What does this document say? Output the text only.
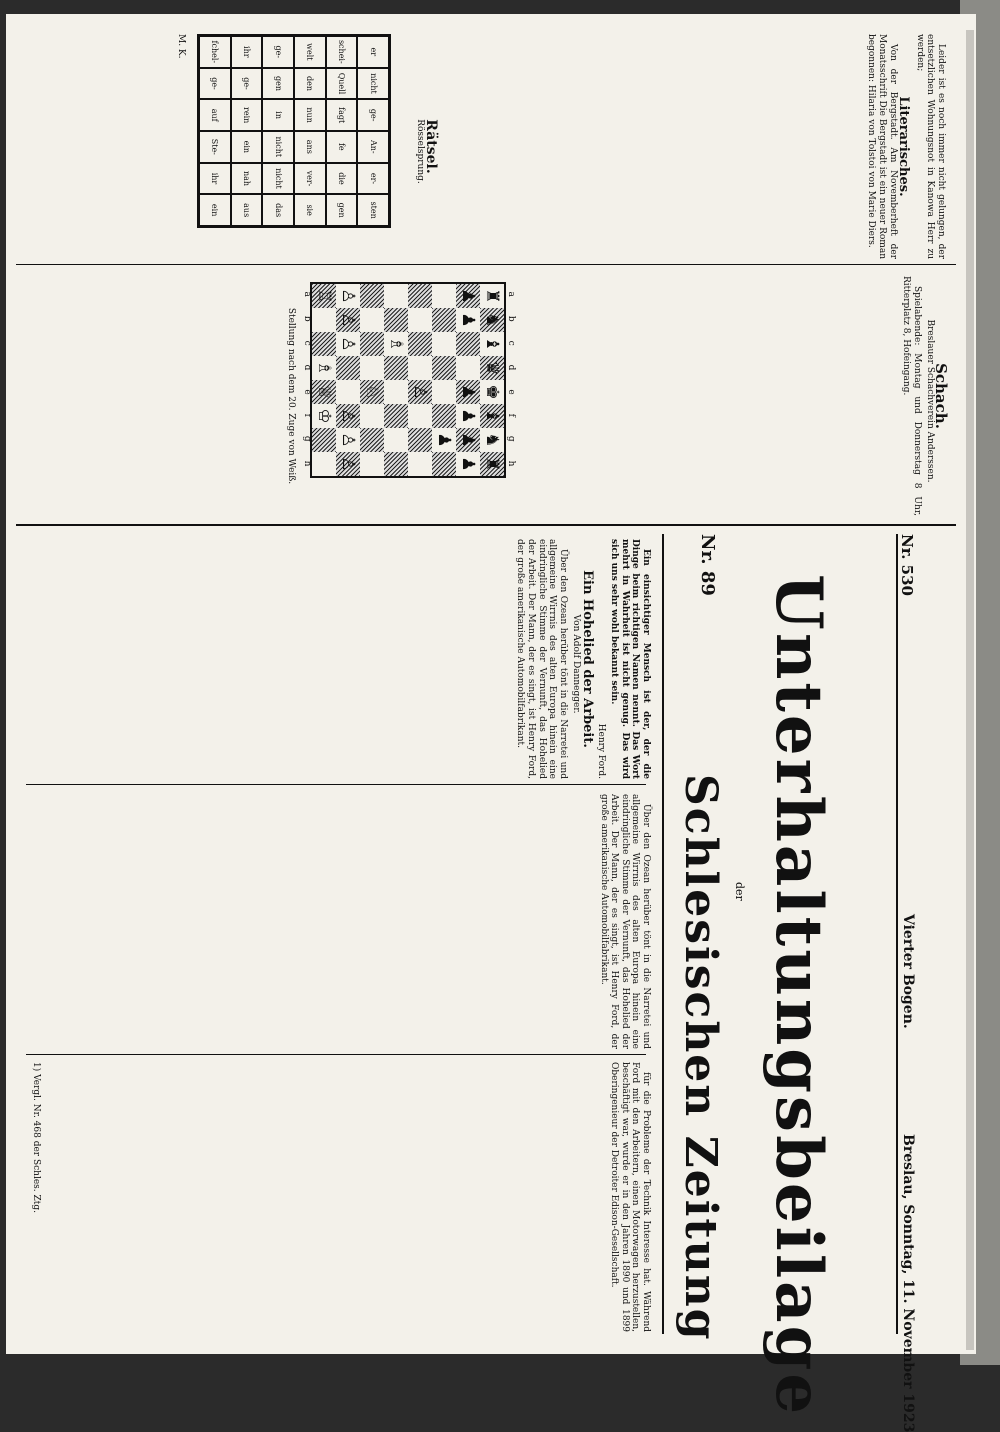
Nr. 530
Vierter Bogen.
Breslau, Sonntag, 11. November 1923
Unterhaltungsbeilage
der
Schlesischen Zeitung
Nr. 89

Ein einsichtiger Mensch ist der, der die Dinge beim richtigen Namen nennt. Das Wort mehrt in Wahrheit ist nicht genug. Das wird sich uns sehr wohl bekannt sein.

Henry Ford.

Ein Hohelied der Arbeit.

Von Adolf Dannegger.

Über den Ozean herüber tönt in die Narretei und allgemeine Wirrnis des alten Europa hinein eine eindringliche Stimme der Vernunft, das Hohelied der Arbeit. Der Mann, der es singt, ist Henry Ford, der große amerikanische Automobilfabrikant.

Über den Ozean herüber tönt in die Narretei und allgemeine Wirrnis des alten Europa hinein eine eindringliche Stimme der Vernunft, das Hohelied der Arbeit. Der Mann, der es singt, ist Henry Ford, der große amerikanische Automobilfabrikant.

für die Probleme der Technik Interesse hat. Während Ford mit den Arbeitern, einen Motorwagen herzustellen, beschäftigt war, wurde er in den Jahren 1890 und 1899 Oberingenieur der Detroiter Edison-Gesellschaft.

1) Vergl. Nr. 468 der Schles. Ztg.

Leider ist es noch immer nicht gelungen, der entsetzlichen Wohnungsnot in Kanowa Herr zu werden;

Literarisches.

Von der Bergstadt. Am Novemberheft der Monatsschrift Die Bergstadt ist ein neuer Roman begonnen: Hilaria von Tolstoi von Marie Diers.

Rätsel.

Rösselsprung.

er
nicht
ge-
An-
er-
sten
schei-
Quell
fagt
fe
die
gen
welt
den
nun
ans
ver-
sie
ge-
gen
in
nicht
nicht
das
ihr
ge-
rein
ein
nah
aus
fchel-
ge-
auf
Ste-
ihr
ein
M. K.
Schach.

Breslauer Schachverein Anderssen.

Spielabende: Montag und Donnerstag 8 Uhr, Ritterplatz 8, Hofeingang.

a
b
c
d
e
f
g
h
♜
♞
♝
♛
♚
♝
♞
♜
♟
♟
♟
♟
♟
♟
♟
♙
♗
♘
♙
♙
♙
♙
♙
♙
♖
♗
♕
♔
a
b
c
d
e
f
g
h
Stellung nach dem 20. Zuge von Weiß.
